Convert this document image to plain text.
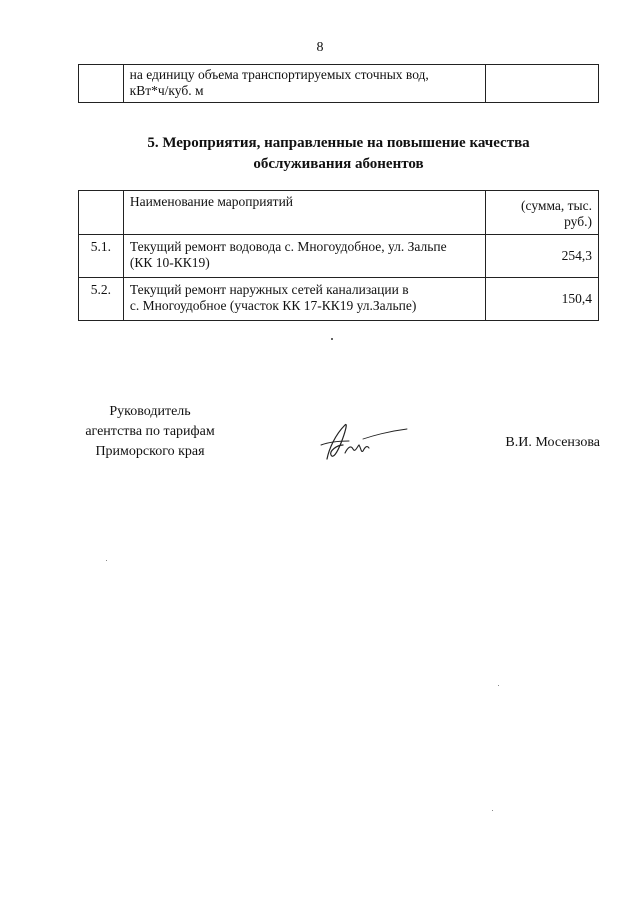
8

на единицу объема транспортируемых сточных вод,
кВт*ч/куб. м

5. Мероприятия, направленные на повышение качества
обслуживания абонентов
	Наименование мароприятий	(сумма, тыс.
руб.)

5.1.	Текущий ремонт водовода с. Многоудобное, ул. Зальпе
(КК 10-КК19)	254,3
5.2.	Текущий ремонт наружных сетей канализации в
с. Многоудобное (участок КК 17-КК19 ул.Зальпе)	150,4
Руководитель
агентства по тарифам
Приморского края
В.И. Мосензова
